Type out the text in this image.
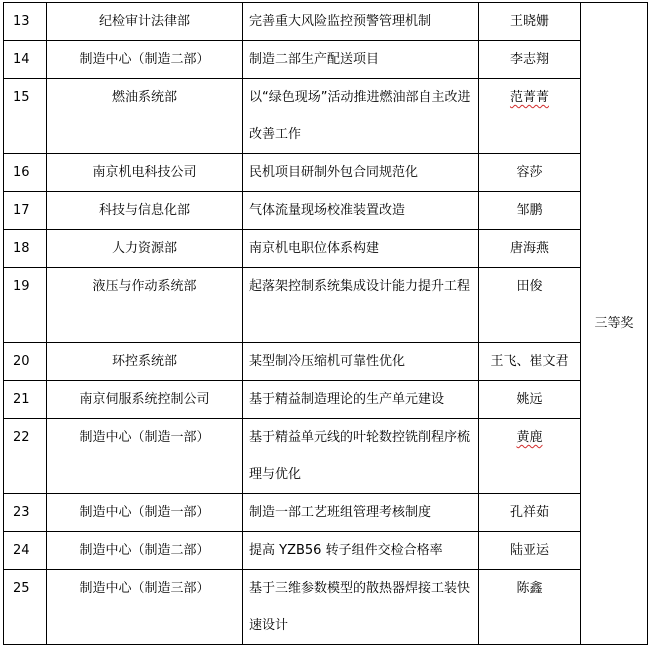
13	纪检审计法律部	完善重大风险监控预警管理机制	王晓姗	三等奖
14	制造中心（制造二部）	制造二部生产配送项目	李志翔	
15	燃油系统部	以“绿色现场”活动推进燃油部自主改进改善工作	范菁菁	
16	南京机电科技公司	民机项目研制外包合同规范化	容莎	
17	科技与信息化部	气体流量现场校准装置改造	邹鹏	
18	人力资源部	南京机电职位体系构建	唐海燕	
19	液压与作动系统部	起落架控制系统集成设计能力提升工程	田俊	
20	环控系统部	某型制冷压缩机可靠性优化	王飞、崔文君	
21	南京伺服系统控制公司	基于精益制造理论的生产单元建设	姚远	
22	制造中心（制造一部）	基于精益单元线的叶轮数控铣削程序梳理与优化	黄鹿	
23	制造中心（制造一部）	制造一部工艺班组管理考核制度	孔祥茹	
24	制造中心（制造二部）	提高 YZB56 转子组件交检合格率	陆亚运	
25	制造中心（制造三部）	基于三维参数模型的散热器焊接工装快速设计	陈鑫	
